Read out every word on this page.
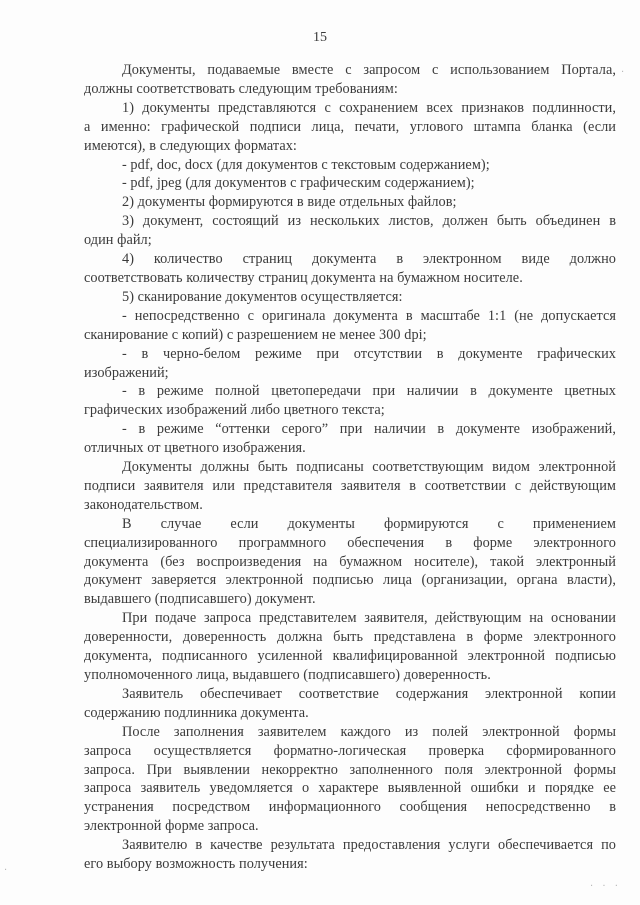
15

Документы, подаваемые вместе с запросом с использованием Портала,
должны соответствовать следующим требованиям:

1) документы представляются с сохранением всех признаков подлинности,
а именно: графической подписи лица, печати, углового штампа бланка (если
имеются), в следующих форматах:

- pdf, doc, docx (для документов с текстовым содержанием);

- pdf, jpeg (для документов с графическим содержанием);

2) документы формируются в виде отдельных файлов;

3) документ, состоящий из нескольких листов, должен быть объединен в
один файл;

4) количество страниц документа в электронном виде должно
соответствовать количеству страниц документа на бумажном носителе.

5) сканирование документов осуществляется:

- непосредственно с оригинала документа в масштабе 1:1 (не допускается
сканирование с копий) с разрешением не менее 300 dpi;

- в черно-белом режиме при отсутствии в документе графических
изображений;

- в режиме полной цветопередачи при наличии в документе цветных
графических изображений либо цветного текста;

- в режиме “оттенки серого” при наличии в документе изображений,
отличных от цветного изображения.

Документы должны быть подписаны соответствующим видом электронной
подписи заявителя или представителя заявителя в соответствии с действующим
законодательством.

В случае если документы формируются с применением
специализированного программного обеспечения в форме электронного
документа (без воспроизведения на бумажном носителе), такой электронный
документ заверяется электронной подписью лица (организации, органа власти),
выдавшего (подписавшего) документ.

При подаче запроса представителем заявителя, действующим на основании
доверенности, доверенность должна быть представлена в форме электронного
документа, подписанного усиленной квалифицированной электронной подписью
уполномоченного лица, выдавшего (подписавшего) доверенность.

Заявитель обеспечивает соответствие содержания электронной копии
содержанию подлинника документа.

После заполнения заявителем каждого из полей электронной формы
запроса осуществляется форматно-логическая проверка сформированного
запроса. При выявлении некорректно заполненного поля электронной формы
запроса заявитель уведомляется о характере выявленной ошибки и порядке ее
устранения посредством информационного сообщения непосредственно в
электронной форме запроса.

Заявителю в качестве результата предоставления услуги обеспечивается по
его выбору возможность получения:

.
. . .
.
